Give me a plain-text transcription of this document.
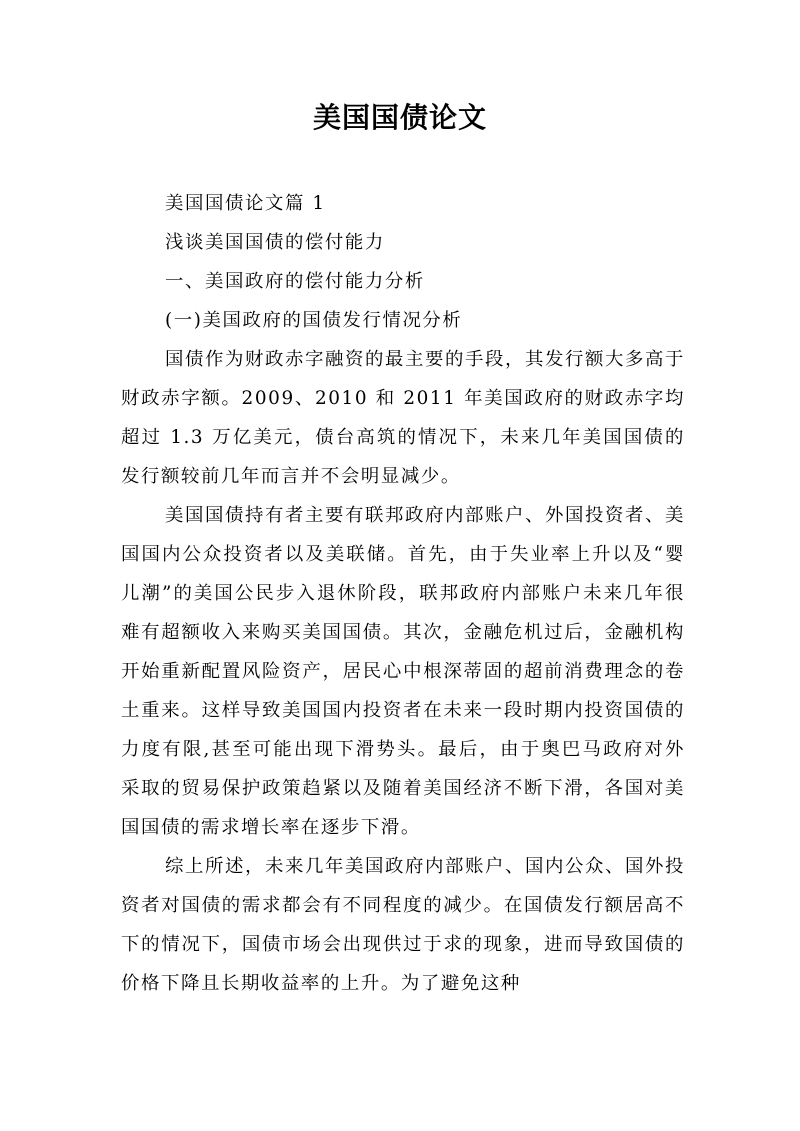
美国国债论文

美国国债论文篇 1

浅谈美国国债的偿付能力

一、美国政府的偿付能力分析

(一)美国政府的国债发行情况分析

国债作为财政赤字融资的最主要的手段，其发行额大多高于财政赤字额。2009、2010 和 2011 年美国政府的财政赤字均超过 1.3 万亿美元，债台高筑的情况下，未来几年美国国债的发行额较前几年而言并不会明显减少。

美国国债持有者主要有联邦政府内部账户、外国投资者、美国国内公众投资者以及美联储。首先，由于失业率上升以及“婴儿潮”的美国公民步入退休阶段，联邦政府内部账户未来几年很难有超额收入来购买美国国债。其次，金融危机过后，金融机构开始重新配置风险资产，居民心中根深蒂固的超前消费理念的卷土重来。这样导致美国国内投资者在未来一段时期内投资国债的力度有限,甚至可能出现下滑势头。最后，由于奥巴马政府对外采取的贸易保护政策趋紧以及随着美国经济不断下滑，各国对美国国债的需求增长率在逐步下滑。

综上所述，未来几年美国政府内部账户、国内公众、国外投资者对国债的需求都会有不同程度的减少。在国债发行额居高不下的情况下，国债市场会出现供过于求的现象，进而导致国债的价格下降且长期收益率的上升。为了避免这种
